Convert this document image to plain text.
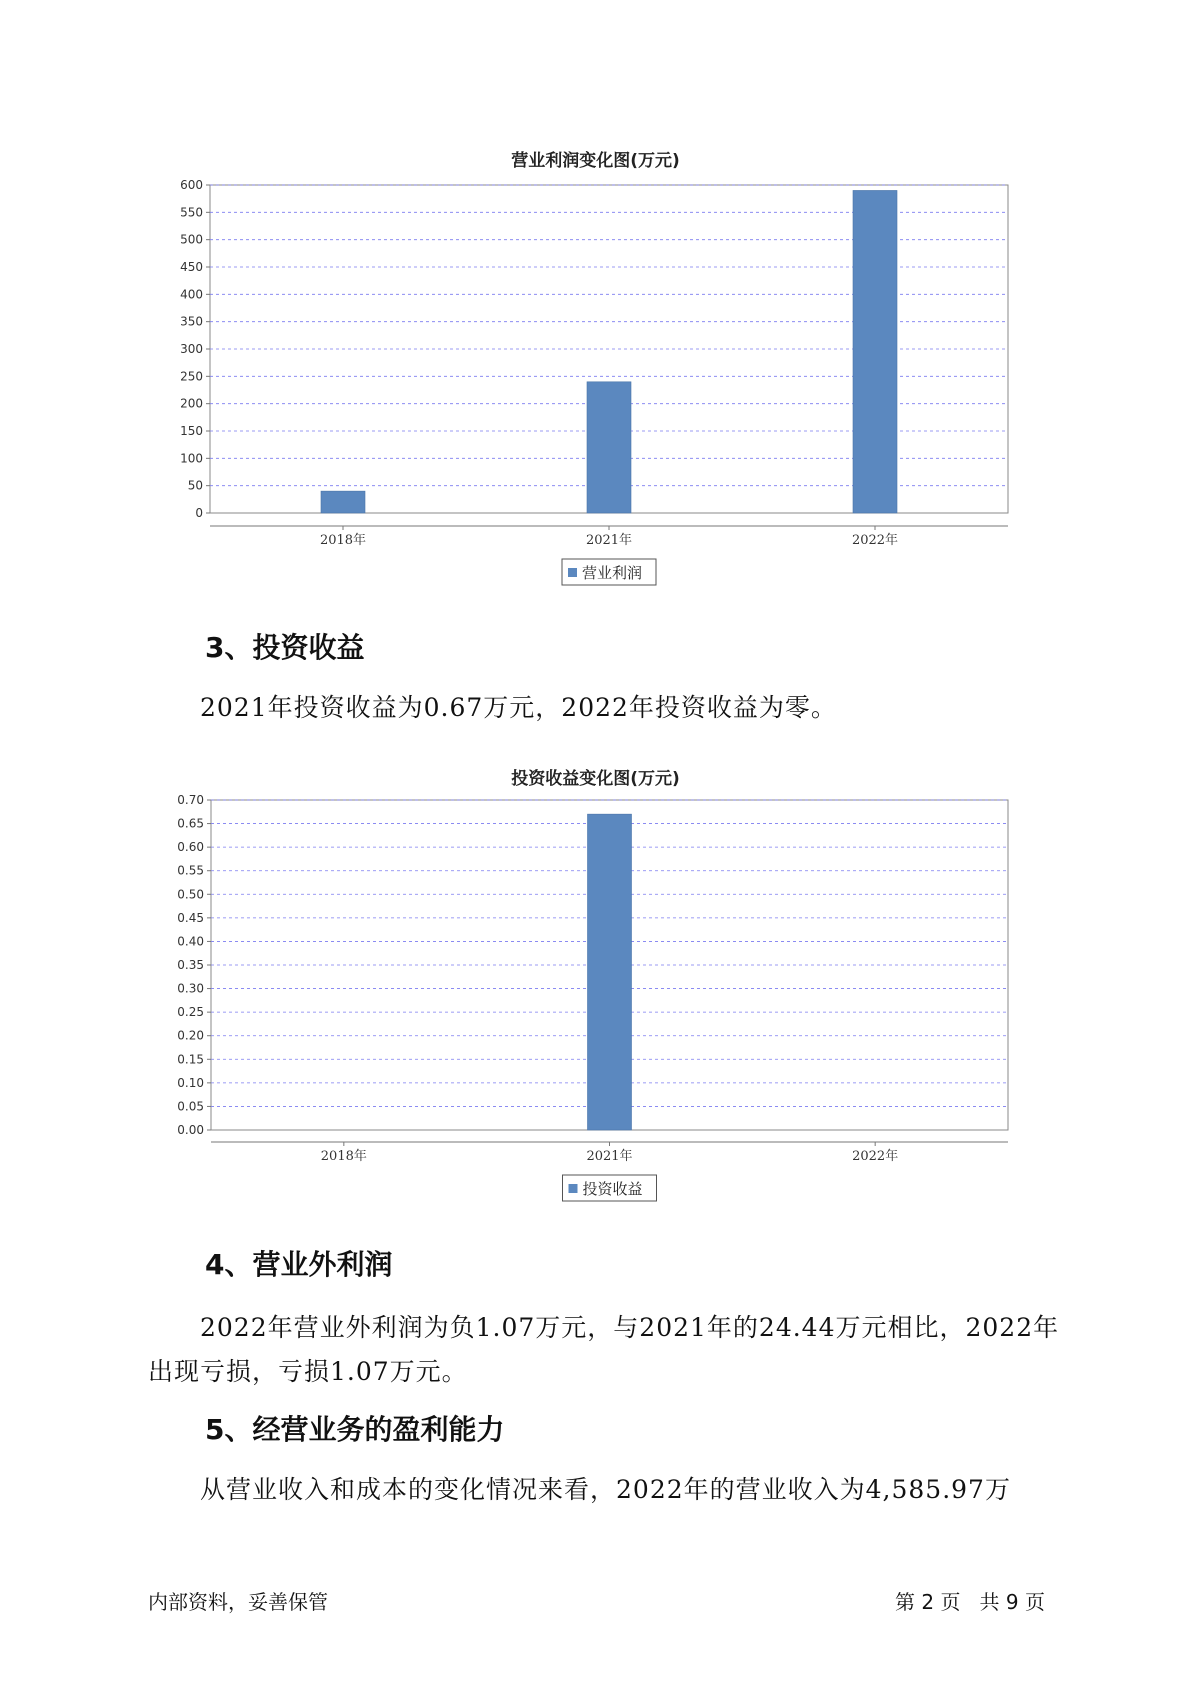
营业利润变化图(万元)
0
50
100
150
200
250
300
350
400
450
500
550
600
2018年	2021年	2022年
营业利润
3、投资收益
2021年投资收益为0.67万元，2022年投资收益为零。
投资收益变化图(万元)
0.00
0.05
0.10
0.15
0.20
0.25
0.30
0.35
0.40
0.45
0.50
0.55
0.60
0.65
0.70
2018年	2021年	2022年
投资收益
4、营业外利润
2022年营业外利润为负1.07万元，与2021年的24.44万元相比，2022年
出现亏损，亏损1.07万元。
5、经营业务的盈利能力
从营业收入和成本的变化情况来看，2022年的营业收入为4,585.97万
内部资料，妥善保管	第 2 页   共 9 页
